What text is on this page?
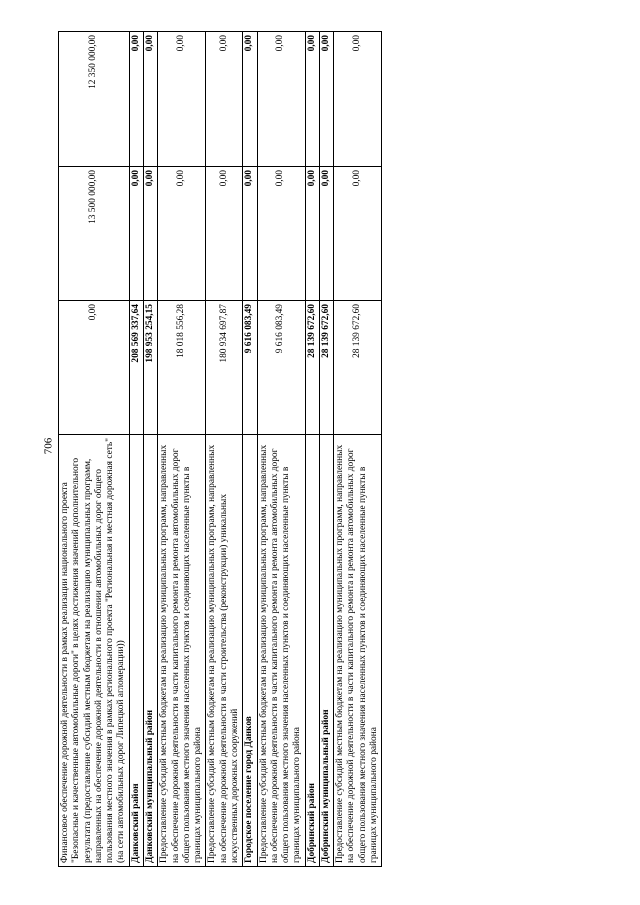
706
Финансовое обеспечение дорожной деятельности в рамках реализации национального проекта "Безопасные и качественные автомобильные дороги" в целях достижения значений дополнительного результата (предоставление субсидий местным бюджетам на реализацию муниципальных программ, направленных на обеспечение дорожной деятельности в отношении автомобильных дорог общего пользования местного значения в рамках регионального проекта "Региональная и местная дорожная сеть" (на сети автомобильных дорог Липецкой агломерации))	0,00	13 500 000,00	12 350 000,00
Данковский район	208 569 337,64	0,00	0,00
Данковский муниципальный район	198 953 254,15	0,00	0,00
Предоставление субсидий местным бюджетам на реализацию муниципальных программ, направленных на обеспечение дорожной деятельности в части капитального ремонта и ремонта автомобильных дорог общего пользования местного значения населенных пунктов и соединяющих населенные пункты в границах муниципального района	18 018 556,28	0,00	0,00
Предоставление субсидий местным бюджетам на реализацию муниципальных программ, направленных на обеспечение дорожной деятельности в части строительства (реконструкции) уникальных искусственных дорожных сооружений	180 934 697,87	0,00	0,00
Городское поселение город Данков	9 616 083,49	0,00	0,00
Предоставление субсидий местным бюджетам на реализацию муниципальных программ, направленных на обеспечение дорожной деятельности в части капитального ремонта и ремонта автомобильных дорог общего пользования местного значения населенных пунктов и соединяющих населенные пункты в границах муниципального района	9 616 083,49	0,00	0,00
Добринский район	28 139 672,60	0,00	0,00
Добринский муниципальный район	28 139 672,60	0,00	0,00
Предоставление субсидий местным бюджетам на реализацию муниципальных программ, направленных на обеспечение дорожной деятельности в части капитального ремонта и ремонта автомобильных дорог общего пользования местного значения населенных пунктов и соединяющих населенные пункты в границах муниципального района	28 139 672,60	0,00	0,00
